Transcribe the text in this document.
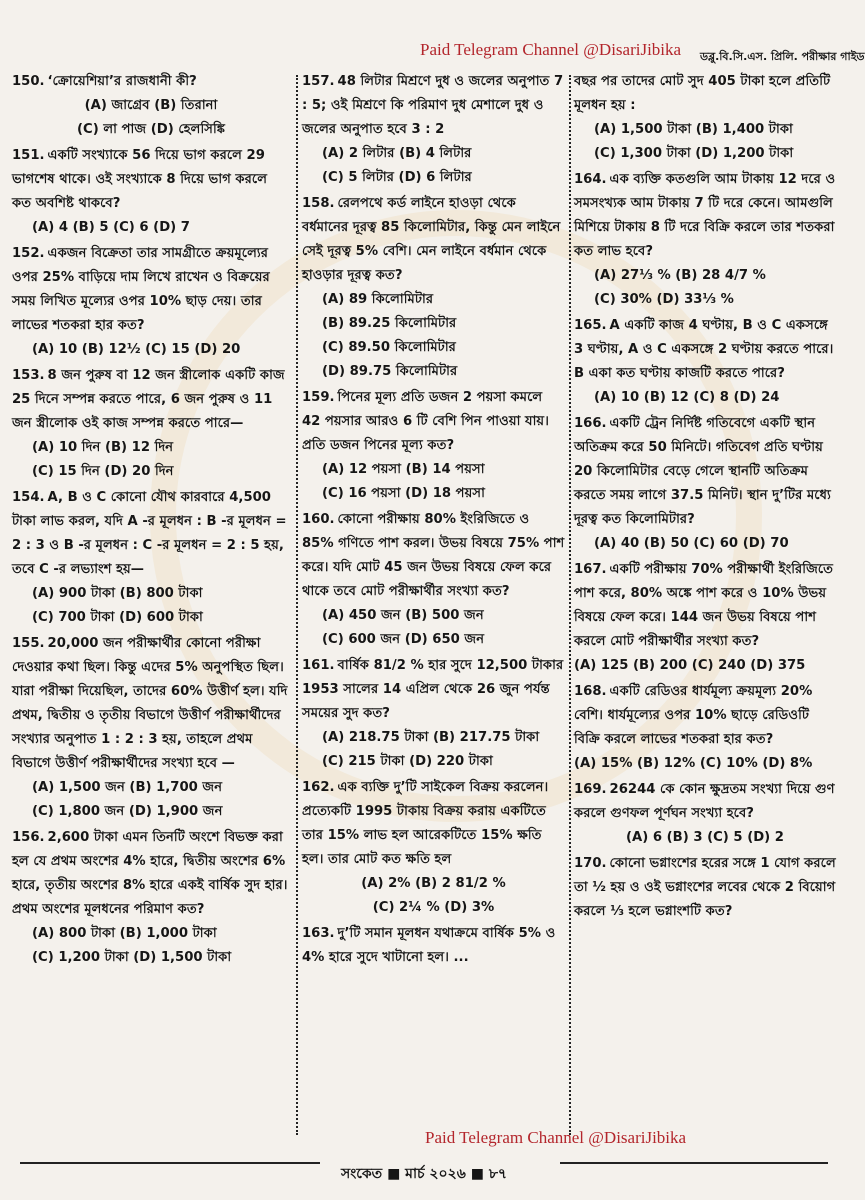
Paid Telegram Channel @DisariJibika ডব্লু.বি.সি.এস. প্রিলি. পরীক্ষার গাইড
150. ‘ক্রোয়েশিয়া’র রাজধানী কী?
(A) জাগ্রেব (B) তিরানা
(C) লা পাজ (D) হেলসিঙ্কি
151. একটি সংখ্যাকে 56 দিয়ে ভাগ করলে 29 ভাগশেষ থাকে। ওই সংখ্যাকে 8 দিয়ে ভাগ করলে কত অবশিষ্ট থাকবে?
(A) 4 (B) 5 (C) 6 (D) 7
152. একজন বিক্রেতা তার সামগ্রীতে ক্রয়মূল্যের ওপর 25% বাড়িয়ে দাম লিখে রাখেন ও বিক্রয়ের সময় লিখিত মূল্যের ওপর 10% ছাড় দেয়। তার লাভের শতকরা হার কত?
(A) 10 (B) 12½ (C) 15 (D) 20
153. 8 জন পুরুষ বা 12 জন স্ত্রীলোক একটি কাজ 25 দিনে সম্পন্ন করতে পারে, 6 জন পুরুষ ও 11 জন স্ত্রীলোক ওই কাজ সম্পন্ন করতে পারে—
(A) 10 দিন (B) 12 দিন
(C) 15 দিন (D) 20 দিন
154. A, B ও C কোনো যৌথ কারবারে 4,500 টাকা লাভ করল, যদি A -র মূলধন : B -র মূলধন = 2 : 3 ও B -র মূলধন : C -র মূলধন = 2 : 5 হয়, তবে C -র লভ্যাংশ হয়—
(A) 900 টাকা (B) 800 টাকা
(C) 700 টাকা (D) 600 টাকা
155. 20,000 জন পরীক্ষার্থীর কোনো পরীক্ষা দেওয়ার কথা ছিল। কিন্তু এদের 5% অনুপস্থিত ছিল। যারা পরীক্ষা দিয়েছিল, তাদের 60% উত্তীর্ণ হল। যদি প্রথম, দ্বিতীয় ও তৃতীয় বিভাগে উত্তীর্ণ পরীক্ষার্থীদের সংখ্যার অনুপাত 1 : 2 : 3 হয়, তাহলে প্রথম বিভাগে উত্তীর্ণ পরীক্ষার্থীদের সংখ্যা হবে —
(A) 1,500 জন (B) 1,700 জন
(C) 1,800 জন (D) 1,900 জন
156. 2,600 টাকা এমন তিনটি অংশে বিভক্ত করা হল যে প্রথম অংশের 4% হারে, দ্বিতীয় অংশের 6% হারে, তৃতীয় অংশের 8% হারে একই বার্ষিক সুদ হার। প্রথম অংশের মূলধনের পরিমাণ কত?
(A) 800 টাকা (B) 1,000 টাকা
(C) 1,200 টাকা (D) 1,500 টাকা
157. 48 লিটার মিশ্রণে দুধ ও জলের অনুপাত 7 : 5; ওই মিশ্রণে কি পরিমাণ দুধ মেশালে দুধ ও জলের অনুপাত হবে 3 : 2
(A) 2 লিটার (B) 4 লিটার
(C) 5 লিটার (D) 6 লিটার
158. রেলপথে কর্ড লাইনে হাওড়া থেকে বর্ধমানের দূরত্ব 85 কিলোমিটার, কিন্তু মেন লাইনে সেই দূরত্ব 5% বেশি। মেন লাইনে বর্ধমান থেকে হাওড়ার দূরত্ব কত?
(A) 89 কিলোমিটার
(B) 89.25 কিলোমিটার
(C) 89.50 কিলোমিটার
(D) 89.75 কিলোমিটার
159. পিনের মূল্য প্রতি ডজন 2 পয়সা কমলে 42 পয়সার আরও 6 টি বেশি পিন পাওয়া যায়। প্রতি ডজন পিনের মূল্য কত?
(A) 12 পয়সা (B) 14 পয়সা
(C) 16 পয়সা (D) 18 পয়সা
160. কোনো পরীক্ষায় 80% ইংরিজিতে ও 85% গণিতে পাশ করল। উভয় বিষয়ে 75% পাশ করে। যদি মোট 45 জন উভয় বিষয়ে ফেল করে থাকে তবে মোট পরীক্ষার্থীর সংখ্যা কত?
(A) 450 জন (B) 500 জন
(C) 600 জন (D) 650 জন
161. বার্ষিক 81/2 % হার সুদে 12,500 টাকার 1953 সালের 14 এপ্রিল থেকে 26 জুন পর্যন্ত সময়ের সুদ কত?
(A) 218.75 টাকা (B) 217.75 টাকা
(C) 215 টাকা (D) 220 টাকা
162. এক ব্যক্তি দু’টি সাইকেল বিক্রয় করলেন। প্রত্যেকটি 1995 টাকায় বিক্রয় করায় একটিতে তার 15% লাভ হল আরেকটিতে 15% ক্ষতি হল। তার মোট কত ক্ষতি হল
(A) 2% (B) 2 81/2 %
(C) 2¼ % (D) 3%
163. দু’টি সমান মূলধন যথাক্রমে বার্ষিক 5% ও 4% হারে সুদে খাটানো হল। ...
বছর পর তাদের মোট সুদ 405 টাকা হলে প্রতিটি মূলধন হয় :
(A) 1,500 টাকা (B) 1,400 টাকা
(C) 1,300 টাকা (D) 1,200 টাকা
164. এক ব্যক্তি কতগুলি আম টাকায় 12 দরে ও সমসংখ্যক আম টাকায় 7 টি দরে কেনে। আমগুলি মিশিয়ে টাকায় 8 টি দরে বিক্রি করলে তার শতকরা কত লাভ হবে?
(A) 27⅓ % (B) 28 4/7 %
(C) 30% (D) 33⅓ %
165. A একটি কাজ 4 ঘণ্টায়, B ও C একসঙ্গে 3 ঘণ্টায়, A ও C একসঙ্গে 2 ঘণ্টায় করতে পারে। B একা কত ঘণ্টায় কাজটি করতে পারে?
(A) 10 (B) 12 (C) 8 (D) 24
166. একটি ট্রেন নির্দিষ্ট গতিবেগে একটি স্থান অতিক্রম করে 50 মিনিটে। গতিবেগ প্রতি ঘণ্টায় 20 কিলোমিটার বেড়ে গেলে স্থানটি অতিক্রম করতে সময় লাগে 37.5 মিনিট। স্থান দু’টির মধ্যে দূরত্ব কত কিলোমিটার?
(A) 40 (B) 50 (C) 60 (D) 70
167. একটি পরীক্ষায় 70% পরীক্ষার্থী ইংরিজিতে পাশ করে, 80% অঙ্কে পাশ করে ও 10% উভয় বিষয়ে ফেল করে। 144 জন উভয় বিষয়ে পাশ করলে মোট পরীক্ষার্থীর সংখ্যা কত?
(A) 125 (B) 200 (C) 240 (D) 375
168. একটি রেডিওর ধার্যমূল্য ক্রয়মূল্য 20% বেশি। ধার্যমূল্যের ওপর 10% ছাড়ে রেডিওটি বিক্রি করলে লাভের শতকরা হার কত?
(A) 15% (B) 12% (C) 10% (D) 8%
169. 26244 কে কোন ক্ষুদ্রতম সংখ্যা দিয়ে গুণ করলে গুণফল পূর্ণঘন সংখ্যা হবে?
(A) 6 (B) 3 (C) 5 (D) 2
170. কোনো ভগ্নাংশের হরের সঙ্গে 1 যোগ করলে তা ½ হয় ও ওই ভগ্নাংশের লবের থেকে 2 বিয়োগ করলে ⅓ হলে ভগ্নাংশটি কত?
Paid Telegram Channel @DisariJibika
সংকেত ■ মার্চ ২০২৬ ■ ৮৭
